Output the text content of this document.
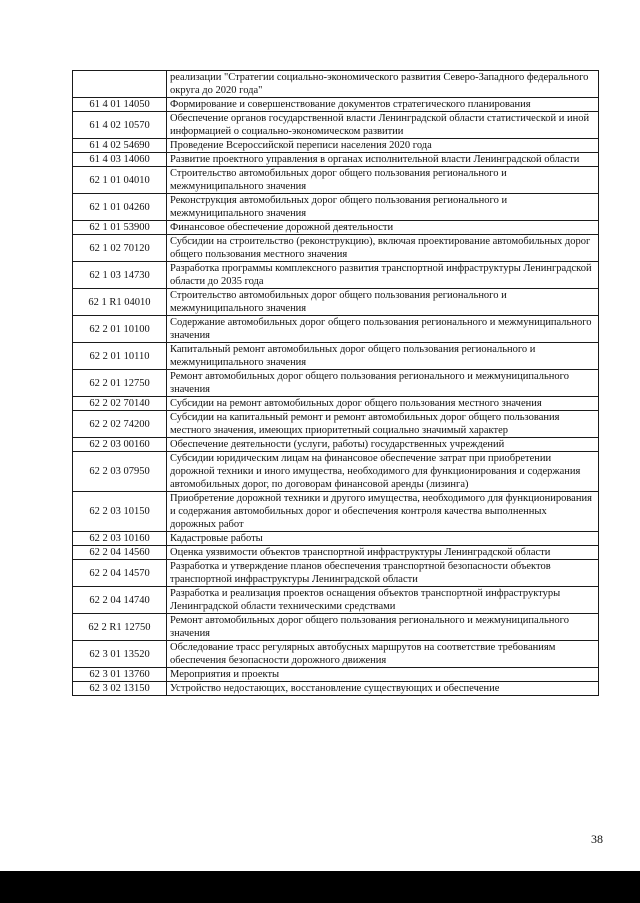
	реализации "Стратегии социально-экономического развития Северо-Западного федерального округа до 2020 года"
61 4 01 14050	Формирование и совершенствование документов стратегического планирования
61 4 02 10570	Обеспечение органов государственной власти Ленинградской области статистической и иной информацией о социально-экономическом развитии
61 4 02 54690	Проведение Всероссийской переписи населения 2020 года
61 4 03 14060	Развитие проектного управления в органах исполнительной власти Ленинградской области
62 1 01 04010	Строительство автомобильных дорог общего пользования регионального и межмуниципального значения
62 1 01 04260	Реконструкция автомобильных дорог общего пользования регионального и межмуниципального значения
62 1 01 53900	Финансовое обеспечение дорожной деятельности
62 1 02 70120	Субсидии на строительство (реконструкцию), включая проектирование автомобильных дорог общего пользования местного значения
62 1 03 14730	Разработка программы комплексного развития транспортной инфраструктуры Ленинградской области до 2035 года
62 1 R1 04010	Строительство автомобильных дорог общего пользования регионального и межмуниципального значения
62 2 01 10100	Содержание автомобильных дорог общего пользования регионального и межмуниципального значения
62 2 01 10110	Капитальный ремонт автомобильных дорог общего пользования регионального и межмуниципального значения
62 2 01 12750	Ремонт автомобильных дорог общего пользования регионального и межмуниципального значения
62 2 02 70140	Субсидии на ремонт автомобильных дорог общего пользования местного значения
62 2 02 74200	Субсидии на капитальный ремонт и ремонт автомобильных дорог общего пользования местного значения, имеющих приоритетный социально значимый характер
62 2 03 00160	Обеспечение деятельности (услуги, работы) государственных учреждений
62 2 03 07950	Субсидии юридическим лицам на финансовое обеспечение затрат при приобретении дорожной техники и иного имущества, необходимого для функционирования и содержания автомобильных дорог, по договорам финансовой аренды (лизинга)
62 2 03 10150	Приобретение дорожной техники и другого имущества, необходимого для функционирования и содержания автомобильных дорог и обеспечения контроля качества выполненных дорожных работ
62 2 03 10160	Кадастровые работы
62 2 04 14560	Оценка уязвимости объектов транспортной инфраструктуры Ленинградской области
62 2 04 14570	Разработка и утверждение планов обеспечения транспортной безопасности объектов транспортной инфраструктуры Ленинградской области
62 2 04 14740	Разработка и реализация проектов оснащения объектов транспортной инфраструктуры Ленинградской области техническими средствами
62 2 R1 12750	Ремонт автомобильных дорог общего пользования регионального и межмуниципального значения
62 3 01 13520	Обследование трасс регулярных автобусных маршрутов на соответствие требованиям обеспечения безопасности дорожного движения
62 3 01 13760	Мероприятия и проекты
62 3 02 13150	Устройство недостающих, восстановление существующих и обеспечение
38
